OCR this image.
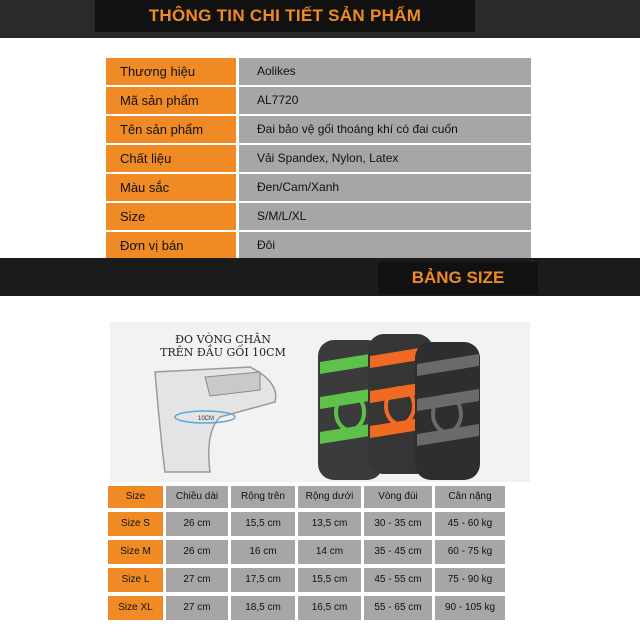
THÔNG TIN CHI TIẾT SẢN PHẨM
Thương hiệu	Aolikes
Mã sản phẩm	AL7720
Tên sản phẩm	Đai bảo vệ gối thoáng khí có đai cuốn
Chất liệu	Vải Spandex, Nylon, Latex
Màu sắc	Đen/Cam/Xanh
Size	S/M/L/XL
Đơn vị bán	Đôi
BẢNG SIZE
10CM
ĐO VÒNG CHÂN
TRÊN ĐẦU GỐI 10CM
Size	Chiều dài	Rộng trên	Rộng dưới	Vòng đùi	Cân nặng
Size S	26 cm	15,5 cm	13,5 cm	30 - 35 cm	45 - 60 kg
Size M	26 cm	16 cm	14 cm	35 - 45 cm	60 - 75 kg
Size L	27 cm	17,5 cm	15,5 cm	45 - 55 cm	75 - 90 kg
Size XL	27 cm	18,5 cm	16,5 cm	55 - 65 cm	90 - 105 kg
